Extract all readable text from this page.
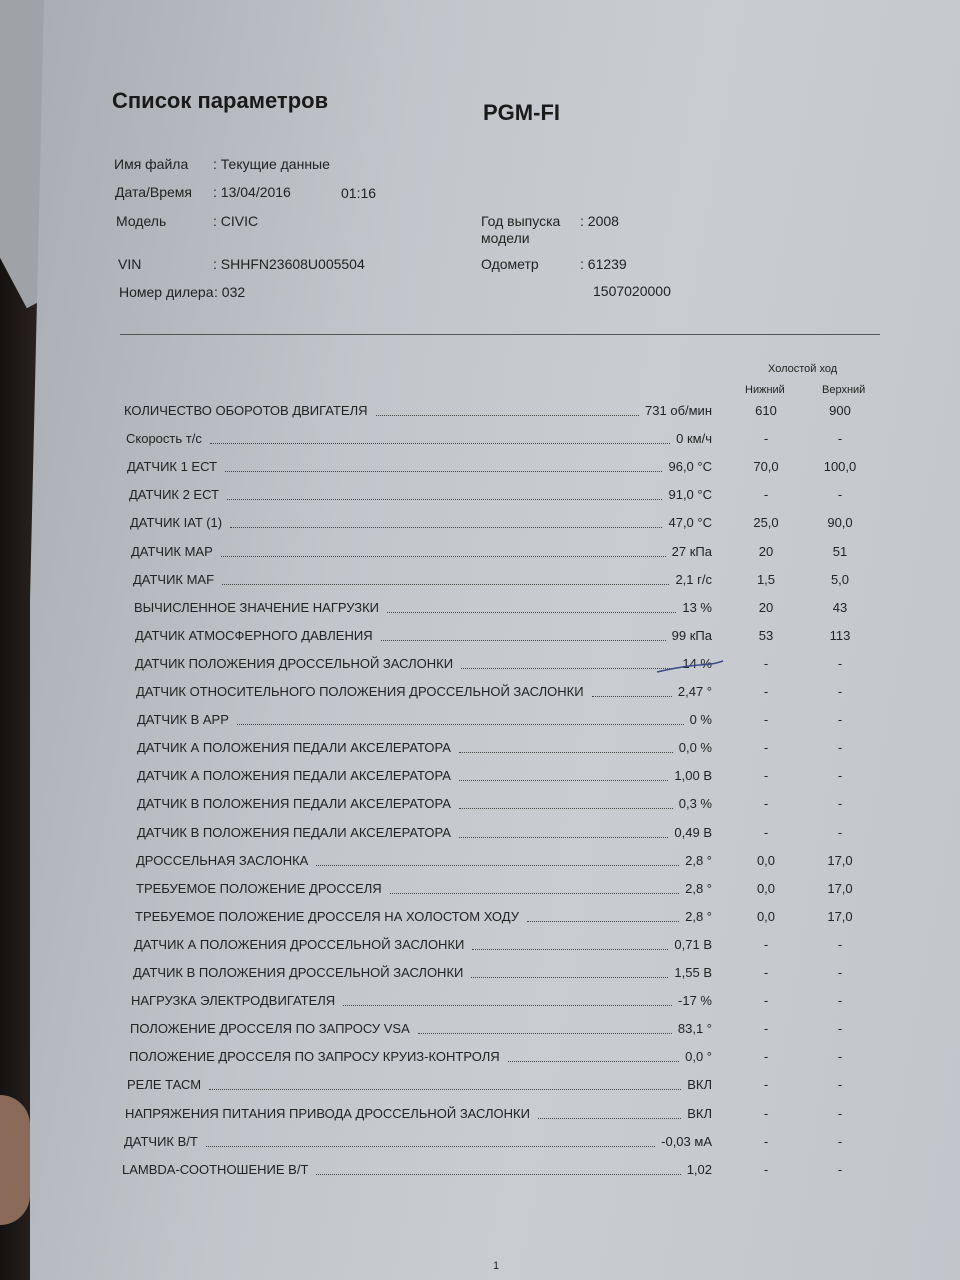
Список параметров	PGM-FI
Имя файла : Текущие данные
Дата/Время : 13/04/2016	01:16
Модель	: CIVIC	Год выпуска
модели
: 2008
VIN	: SHHFN23608U005504	Одометр	: 61239
Номер дилера : 032	1507020000
Холостой ход
Нижний	Верхний
КОЛИЧЕСТВО ОБОРОТОВ ДВИГАТЕЛЯ	731 об/мин	610	900
Скорость т/с	0 км/ч	-	-
ДАТЧИК 1 ЕСТ	96,0 °С	70,0	100,0
ДАТЧИК 2 ЕСТ	91,0 °С	-	-
ДАТЧИК IAT (1)	47,0 °С	25,0	90,0
ДАТЧИК МАР	27 кПа	20	51
ДАТЧИК МАF	2,1 г/с	1,5	5,0
ВЫЧИСЛЕННОЕ ЗНАЧЕНИЕ НАГРУЗКИ	13 %	20	43
ДАТЧИК АТМОСФЕРНОГО ДАВЛЕНИЯ	99 кПа	53	113
ДАТЧИК ПОЛОЖЕНИЯ ДРОССЕЛЬНОЙ ЗАСЛОНКИ	14 %	-	-
ДАТЧИК ОТНОСИТЕЛЬНОГО ПОЛОЖЕНИЯ ДРОССЕЛЬНОЙ ЗАСЛОНКИ	2,47 °	-	-
ДАТЧИК В АРР	0 %	-	-
ДАТЧИК А ПОЛОЖЕНИЯ ПЕДАЛИ АКСЕЛЕРАТОРА	0,0 %	-	-
ДАТЧИК А ПОЛОЖЕНИЯ ПЕДАЛИ АКСЕЛЕРАТОРА	1,00 В	-	-
ДАТЧИК В ПОЛОЖЕНИЯ ПЕДАЛИ АКСЕЛЕРАТОРА	0,3 %	-	-
ДАТЧИК В ПОЛОЖЕНИЯ ПЕДАЛИ АКСЕЛЕРАТОРА	0,49 В	-	-
ДРОССЕЛЬНАЯ ЗАСЛОНКА	2,8 °	0,0	17,0
ТРЕБУЕМОЕ ПОЛОЖЕНИЕ ДРОССЕЛЯ	2,8 °	0,0	17,0
ТРЕБУЕМОЕ ПОЛОЖЕНИЕ ДРОССЕЛЯ НА ХОЛОСТОМ ХОДУ	2,8 °	0,0	17,0
ДАТЧИК А ПОЛОЖЕНИЯ ДРОССЕЛЬНОЙ ЗАСЛОНКИ	0,71 В	-	-
ДАТЧИК В ПОЛОЖЕНИЯ ДРОССЕЛЬНОЙ ЗАСЛОНКИ	1,55 В	-	-
НАГРУЗКА ЭЛЕКТРОДВИГАТЕЛЯ	-17 %	-	-
ПОЛОЖЕНИЕ ДРОССЕЛЯ ПО ЗАПРОСУ VSA	83,1 °	-	-
ПОЛОЖЕНИЕ ДРОССЕЛЯ ПО ЗАПРОСУ КРУИЗ-КОНТРОЛЯ	0,0 °	-	-
РЕЛЕ ТАСМ	ВКЛ	-	-
НАПРЯЖЕНИЯ ПИТАНИЯ ПРИВОДА ДРОССЕЛЬНОЙ ЗАСЛОНКИ	ВКЛ	-	-
ДАТЧИК В/Т	-0,03 мА	-	-
LAMBDA-СООТНОШЕНИЕ В/Т	1,02	-	-
1
